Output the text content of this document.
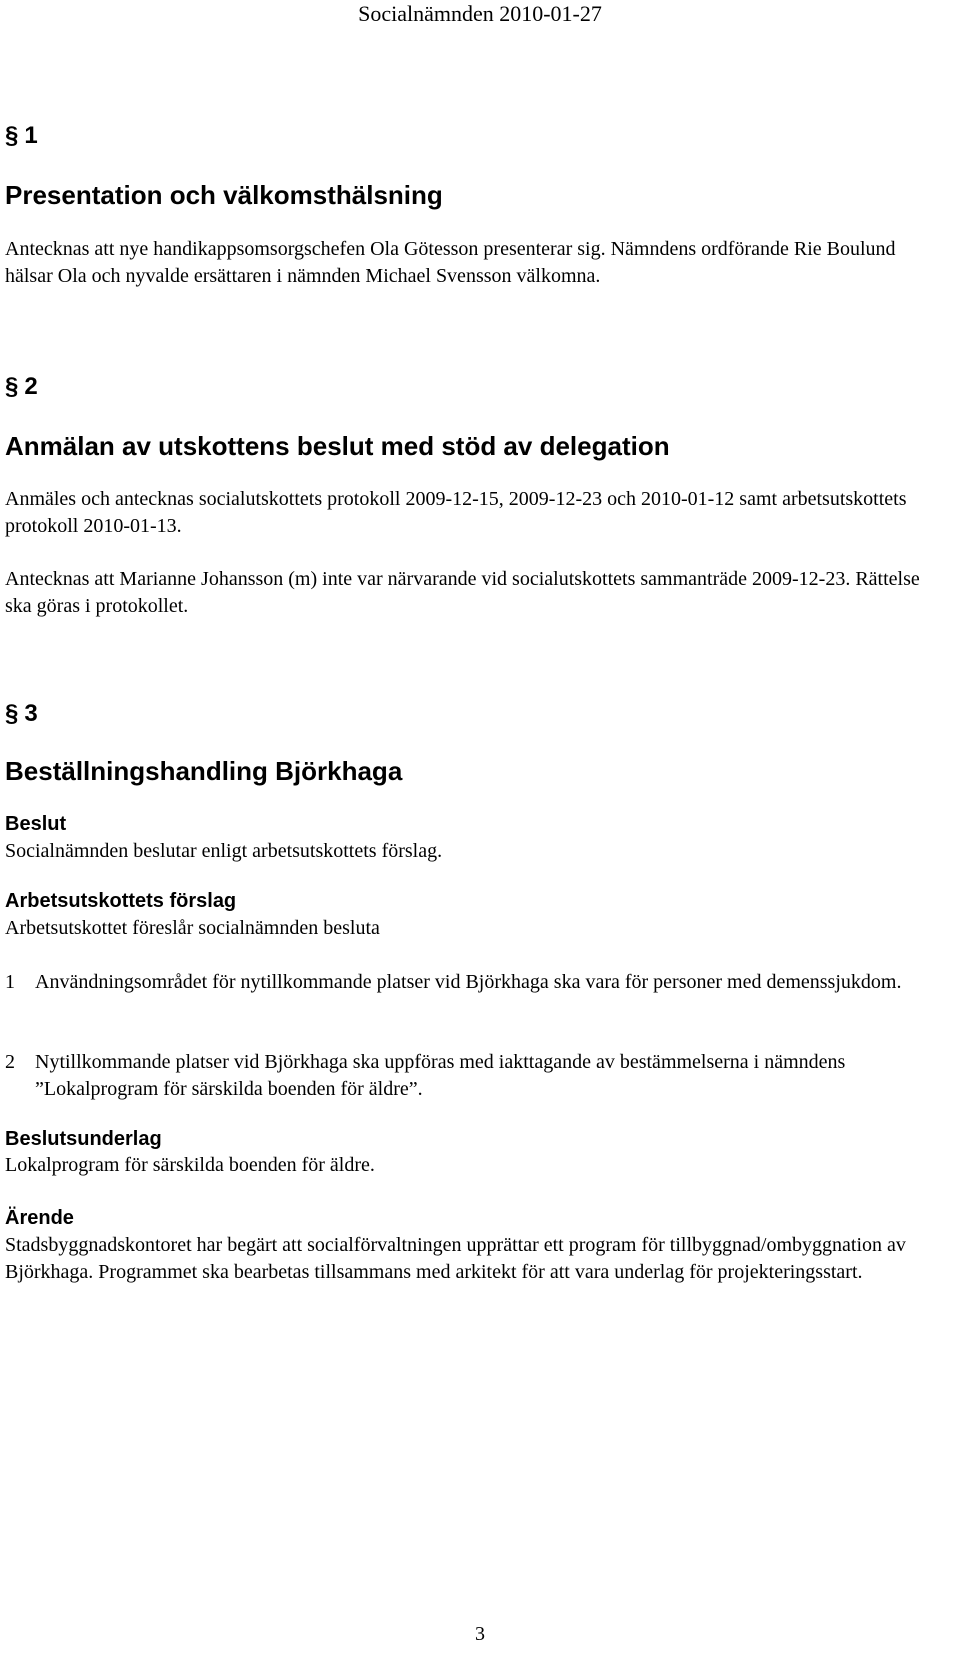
Socialnämnden 2010-01-27
§ 1
Presentation och välkomsthälsning
Antecknas att nye handikappsomsorgschefen Ola Götesson presenterar sig. Nämndens ordförande Rie Boulund hälsar Ola och nyvalde ersättaren i nämnden Michael Svensson välkomna.
§ 2
Anmälan av utskottens beslut med stöd av delegation
Anmäles och antecknas socialutskottets protokoll 2009-12-15, 2009-12-23 och 2010-01-12 samt arbetsutskottets protokoll 2010-01-13.
Antecknas att Marianne Johansson (m) inte var närvarande vid socialutskottets sammanträde 2009-12-23. Rättelse ska göras i protokollet.
§ 3
Beställningshandling Björkhaga
Beslut
Socialnämnden beslutar enligt arbetsutskottets förslag.
Arbetsutskottets förslag
Arbetsutskottet föreslår socialnämnden besluta
1 Användningsområdet för nytillkommande platser vid Björkhaga ska vara för personer med demenssjukdom.
2 Nytillkommande platser vid Björkhaga ska uppföras med iakttagande av bestämmelserna i nämndens ”Lokalprogram för särskilda boenden för äldre”.
Beslutsunderlag
Lokalprogram för särskilda boenden för äldre.
Ärende
Stadsbyggnadskontoret har begärt att socialförvaltningen upprättar ett program för tillbyggnad/ombyggnation av Björkhaga. Programmet ska bearbetas tillsammans med arkitekt för att vara underlag för projekteringsstart.
3
